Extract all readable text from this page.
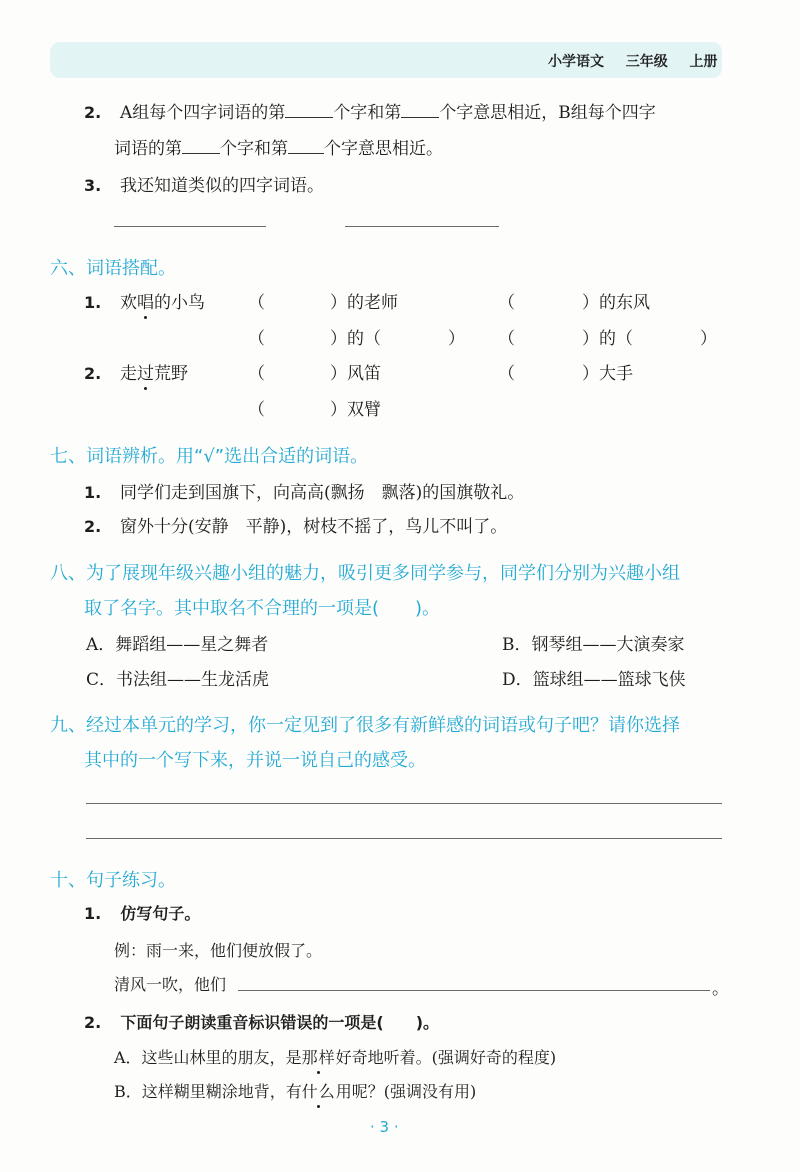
小学语文 三年级 上册
2. A组每个四字词语的第	个字和第 个字意思相近，B组每个四字
词语的第 个字和第 个字意思相近。
3. 我还知道类似的四字词语。
六、词语搭配。
1. 欢唱的小鸟	（	）的老师	（	）的东风
（	）的（	） （	）的（	）
2. 走过荒野	（	）风笛	（	）大手
（	）双臂
七、词语辨析。用“√”选出合适的词语。
1. 同学们走到国旗下，向高高(飘扬　飘落)的国旗敬礼。
2. 窗外十分(安静　平静)，树枝不摇了，鸟儿不叫了。
八、为了展现年级兴趣小组的魅力，吸引更多同学参与，同学们分别为兴趣小组
取了名字。其中取名不合理的一项是(　　)。
A．舞蹈组——星之舞者	B．钢琴组——大演奏家
C．书法组——生龙活虎	D．篮球组——篮球飞侠
九、经过本单元的学习，你一定见到了很多有新鲜感的词语或句子吧？请你选择
其中的一个写下来，并说一说自己的感受。
十、句子练习。
1. 仿写句子。
例：雨一来，他们便放假了。
清风一吹，他们	。
2. 下面句子朗读重音标识错误的一项是(　　)。
A．这些山林里的朋友，是那样好奇地听着。(强调好奇的程度)
B．这样糊里糊涂地背，有什么用呢？(强调没有用)
· 3 ·
